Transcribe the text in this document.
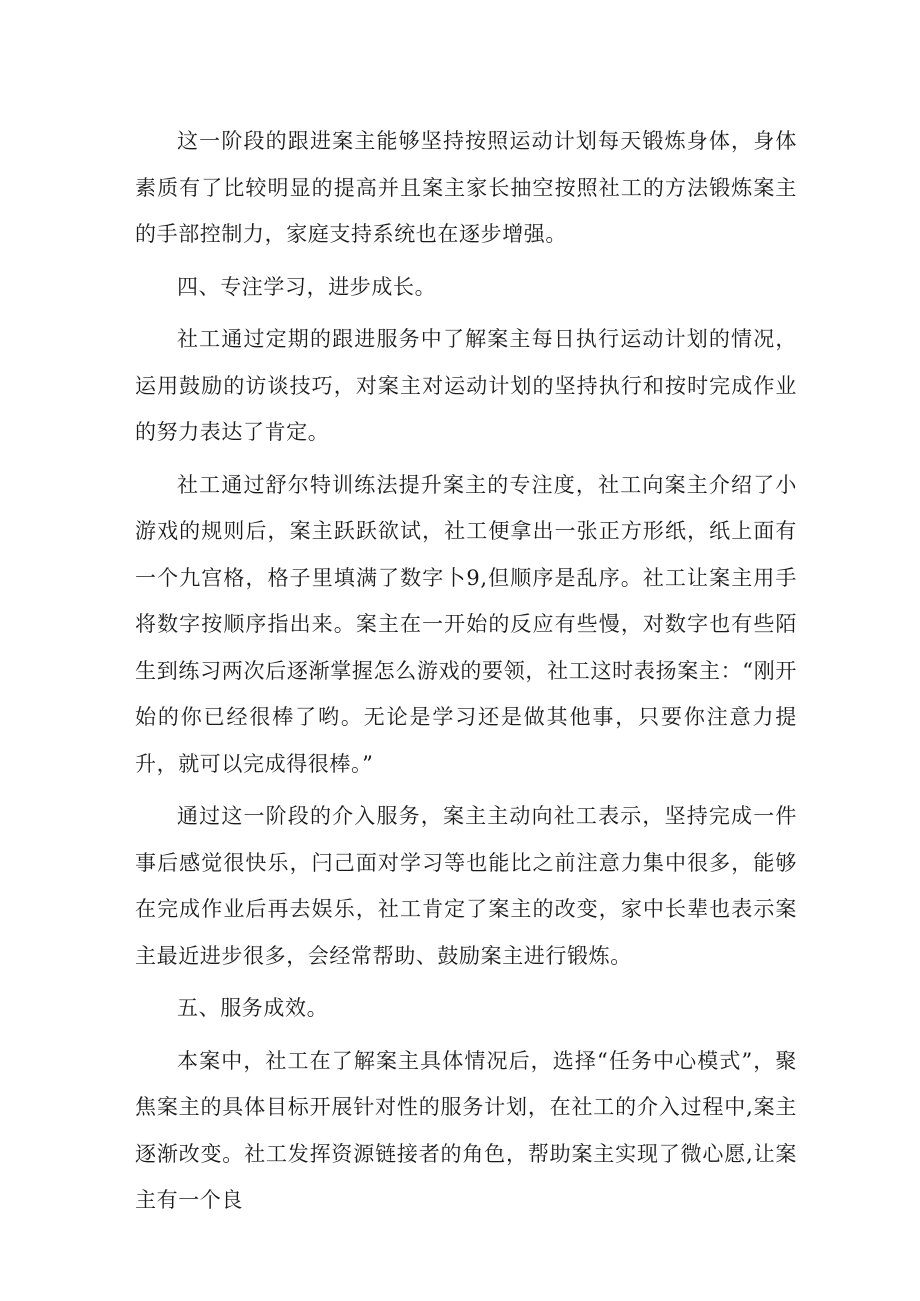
这一阶段的跟进案主能够坚持按照运动计划每天锻炼身体，身体素质有了比较明显的提高并且案主家长抽空按照社工的方法锻炼案主的手部控制力，家庭支持系统也在逐步增强。

四、专注学习，进步成长。

社工通过定期的跟进服务中了解案主每日执行运动计划的情况，运用鼓励的访谈技巧，对案主对运动计划的坚持执行和按时完成作业的努力表达了肯定。

社工通过舒尔特训练法提升案主的专注度，社工向案主介绍了小游戏的规则后，案主跃跃欲试，社工便拿出一张正方形纸，纸上面有一个九宫格，格子里填满了数字卜9,但顺序是乱序。社工让案主用手将数字按顺序指出来。案主在一开始的反应有些慢，对数字也有些陌生到练习两次后逐渐掌握怎么游戏的要领，社工这时表扬案主：“刚开始的你已经很棒了哟。无论是学习还是做其他事，只要你注意力提升，就可以完成得很棒。”

通过这一阶段的介入服务，案主主动向社工表示，坚持完成一件事后感觉很快乐，闩己面对学习等也能比之前注意力集中很多，能够在完成作业后再去娱乐，社工肯定了案主的改变，家中长辈也表示案主最近进步很多，会经常帮助、鼓励案主进行锻炼。

五、服务成效。

本案中，社工在了解案主具体情况后，选择“任务中心模式”，聚焦案主的具体目标开展针对性的服务计划，在社工的介入过程中,案主逐渐改变。社工发挥资源链接者的角色，帮助案主实现了微心愿,让案主有一个良
